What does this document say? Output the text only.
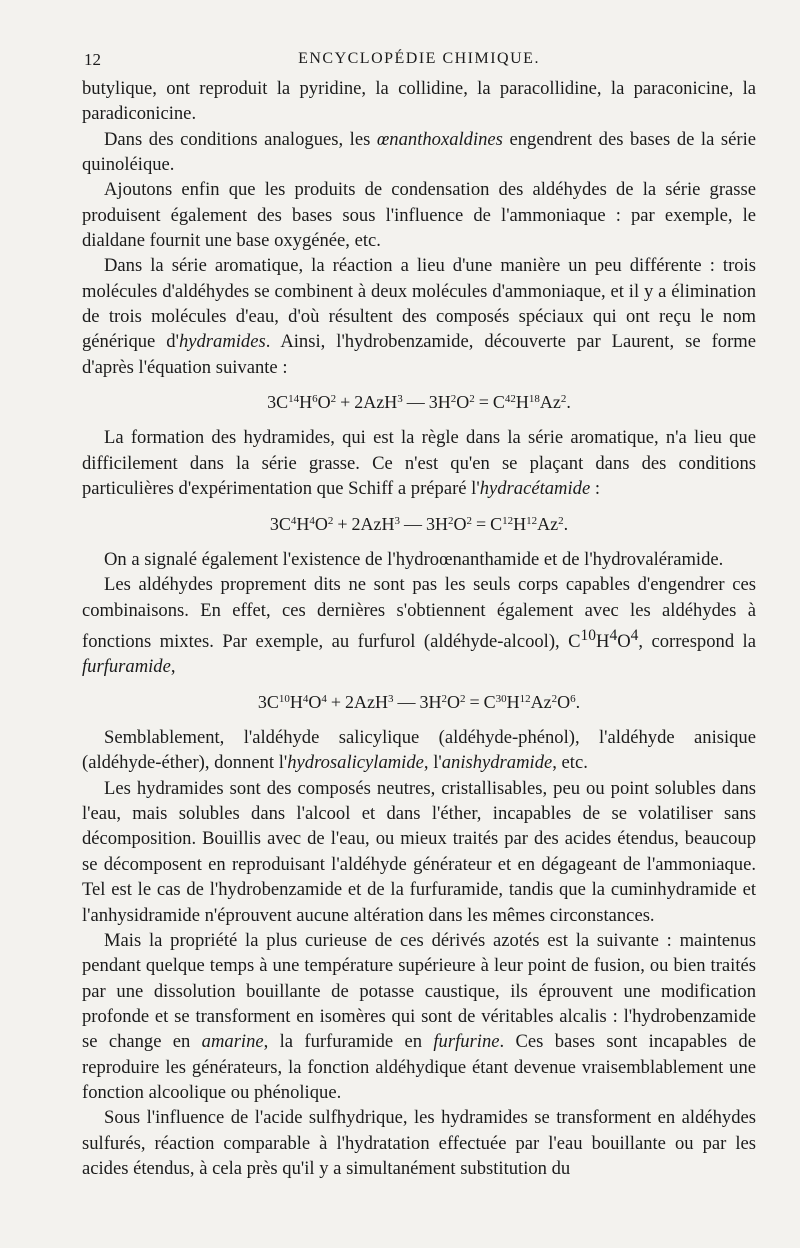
12	ENCYCLOPÉDIE CHIMIQUE.

butylique, ont reproduit la pyridine, la collidine, la paracollidine, la paraconicine, la paradiconicine.

Dans des conditions analogues, les œnanthoxaldines engendrent des bases de la série quinoléique.

Ajoutons enfin que les produits de condensation des aldéhydes de la série grasse produisent également des bases sous l'influence de l'ammoniaque : par exemple, le dialdane fournit une base oxygénée, etc.

Dans la série aromatique, la réaction a lieu d'une manière un peu différente : trois molécules d'aldéhydes se combinent à deux molécules d'ammoniaque, et il y a élimination de trois molécules d'eau, d'où résultent des composés spéciaux qui ont reçu le nom générique d'hydramides. Ainsi, l'hydrobenzamide, découverte par Laurent, se forme d'après l'équation suivante :

$3C^{14}H^6O^2 + 2AzH^3$ — $3H^2O^2 = C^{42}H^{18}Az^2$.

La formation des hydramides, qui est la règle dans la série aromatique, n'a lieu que difficilement dans la série grasse. Ce n'est qu'en se plaçant dans des conditions particulières d'expérimentation que Schiff a préparé l'hydracétamide :

$3C^4H^4O^2 + 2AzH^3$ — $3H^2O^2 = C^{12}H^{12}Az^2$.

On a signalé également l'existence de l'hydroœnanthamide et de l'hydrovaléramide.

Les aldéhydes proprement dits ne sont pas les seuls corps capables d'engendrer ces combinaisons. En effet, ces dernières s'obtiennent également avec les aldéhydes à fonctions mixtes. Par exemple, au furfurol (aldéhyde-alcool), $C^{10}H^4O^4$, correspond la furfuramide,

$3C^{10}H^4O^4 + 2AzH^3$ — $3H^2O^2 = C^{30}H^{12}Az^2O^6$.

Semblablement, l'aldéhyde salicylique (aldéhyde-phénol), l'aldéhyde anisique (aldéhyde-éther), donnent l'hydrosalicylamide, l'anishydramide, etc.

Les hydramides sont des composés neutres, cristallisables, peu ou point solubles dans l'eau, mais solubles dans l'alcool et dans l'éther, incapables de se volatiliser sans décomposition. Bouillis avec de l'eau, ou mieux traités par des acides étendus, beaucoup se décomposent en reproduisant l'aldéhyde générateur et en dégageant de l'ammoniaque. Tel est le cas de l'hydrobenzamide et de la furfuramide, tandis que la cuminhydramide et l'anhysidramide n'éprouvent aucune altération dans les mêmes circonstances.

Mais la propriété la plus curieuse de ces dérivés azotés est la suivante : maintenus pendant quelque temps à une température supérieure à leur point de fusion, ou bien traités par une dissolution bouillante de potasse caustique, ils éprouvent une modification profonde et se transforment en isomères qui sont de véritables alcalis : l'hydrobenzamide se change en amarine, la furfuramide en furfurine. Ces bases sont incapables de reproduire les générateurs, la fonction aldéhydique étant devenue vraisemblablement une fonction alcoolique ou phénolique.

Sous l'influence de l'acide sulfhydrique, les hydramides se transforment en aldéhydes sulfurés, réaction comparable à l'hydratation effectuée par l'eau bouillante ou par les acides étendus, à cela près qu'il y a simultanément substitution du
